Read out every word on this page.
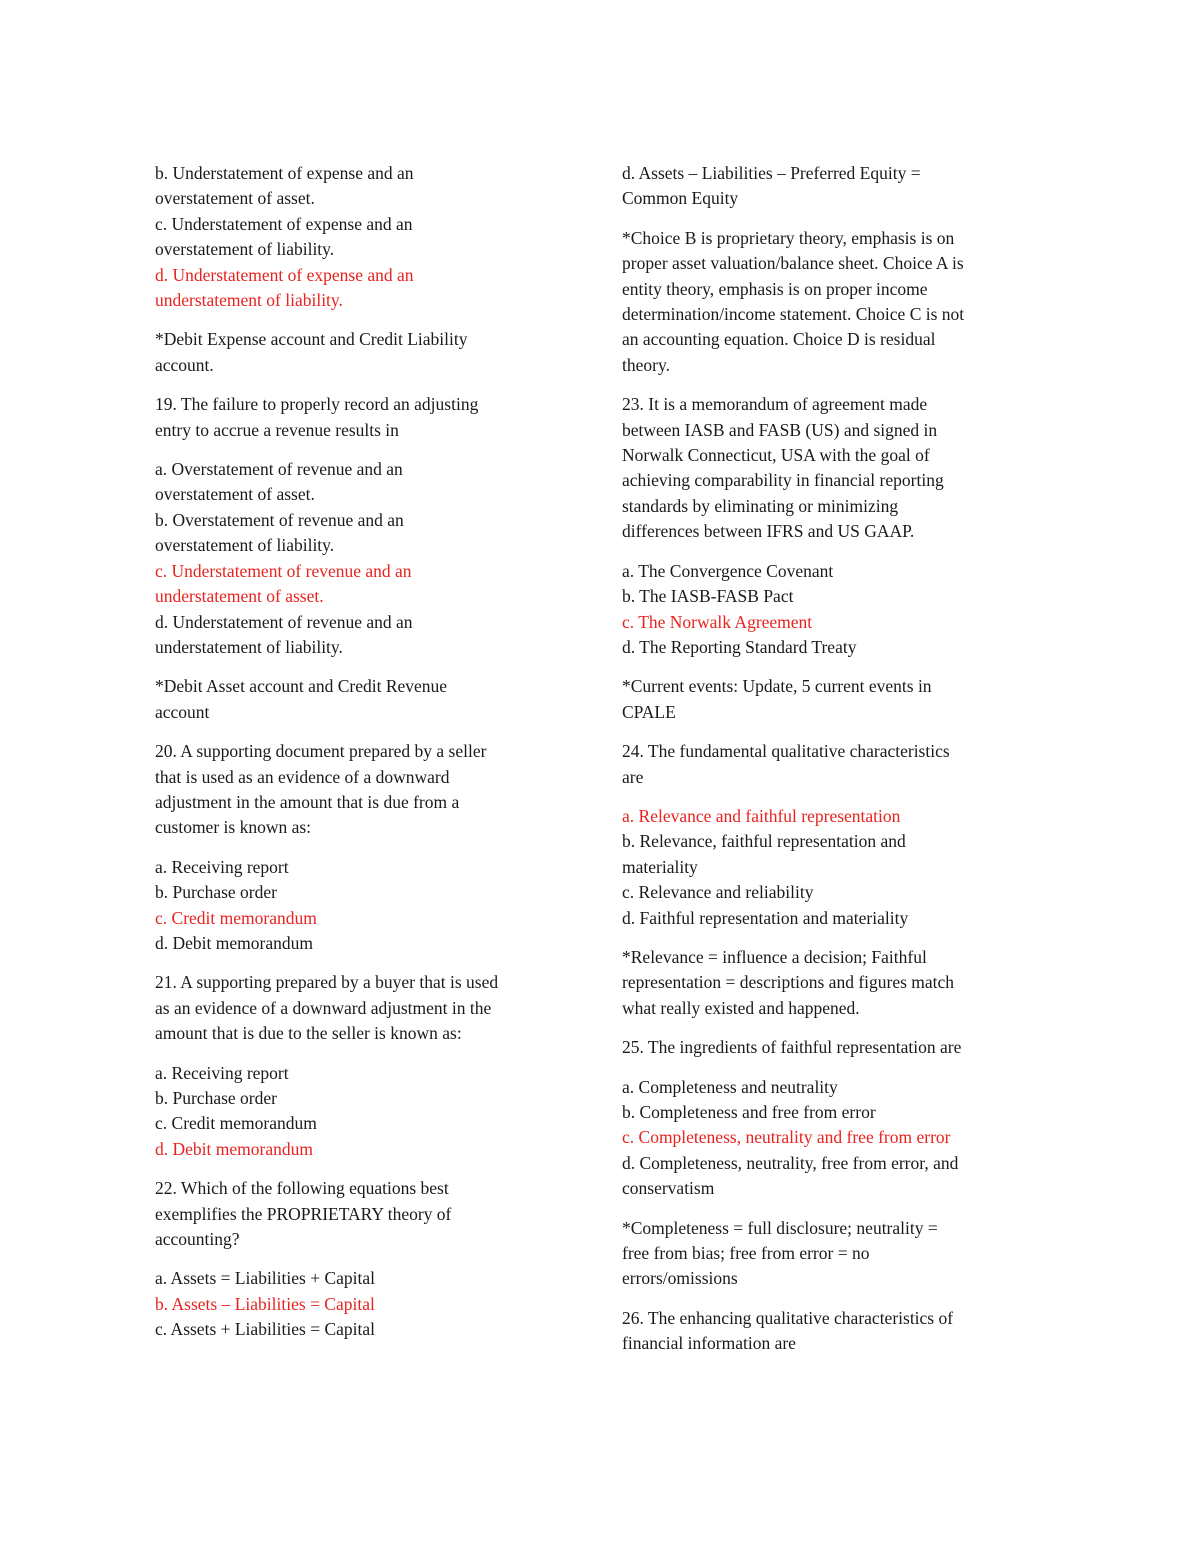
b. Understatement of expense and an
overstatement of asset.
c. Understatement of expense and an
overstatement of liability.
d. Understatement of expense and an
understatement of liability.
*Debit Expense account and Credit Liability
account.
19. The failure to properly record an adjusting
entry to accrue a revenue results in
a. Overstatement of revenue and an
overstatement of asset.
b. Overstatement of revenue and an
overstatement of liability.
c. Understatement of revenue and an
understatement of asset.
d. Understatement of revenue and an
understatement of liability.
*Debit Asset account and Credit Revenue
account
20. A supporting document prepared by a seller
that is used as an evidence of a downward
adjustment in the amount that is due from a
customer is known as:
a. Receiving report
b. Purchase order
c. Credit memorandum
d. Debit memorandum
21. A supporting prepared by a buyer that is used
as an evidence of a downward adjustment in the
amount that is due to the seller is known as:
a. Receiving report
b. Purchase order
c. Credit memorandum
d. Debit memorandum
22. Which of the following equations best
exemplifies the PROPRIETARY theory of
accounting?
a. Assets = Liabilities + Capital
b. Assets – Liabilities = Capital
c. Assets + Liabilities = Capital
d. Assets – Liabilities – Preferred Equity =
Common Equity
*Choice B is proprietary theory, emphasis is on
proper asset valuation/balance sheet. Choice A is
entity theory, emphasis is on proper income
determination/income statement. Choice C is not
an accounting equation. Choice D is residual
theory.
23. It is a memorandum of agreement made
between IASB and FASB (US) and signed in
Norwalk Connecticut, USA with the goal of
achieving comparability in financial reporting
standards by eliminating or minimizing
differences between IFRS and US GAAP.
a. The Convergence Covenant
b. The IASB-FASB Pact
c. The Norwalk Agreement
d. The Reporting Standard Treaty
*Current events: Update, 5 current events in
CPALE
24. The fundamental qualitative characteristics
are
a. Relevance and faithful representation
b. Relevance, faithful representation and
materiality
c. Relevance and reliability
d. Faithful representation and materiality
*Relevance = influence a decision; Faithful
representation = descriptions and figures match
what really existed and happened.
25. The ingredients of faithful representation are
a. Completeness and neutrality
b. Completeness and free from error
c. Completeness, neutrality and free from error
d. Completeness, neutrality, free from error, and
conservatism
*Completeness = full disclosure; neutrality =
free from bias; free from error = no
errors/omissions
26. The enhancing qualitative characteristics of
financial information are
